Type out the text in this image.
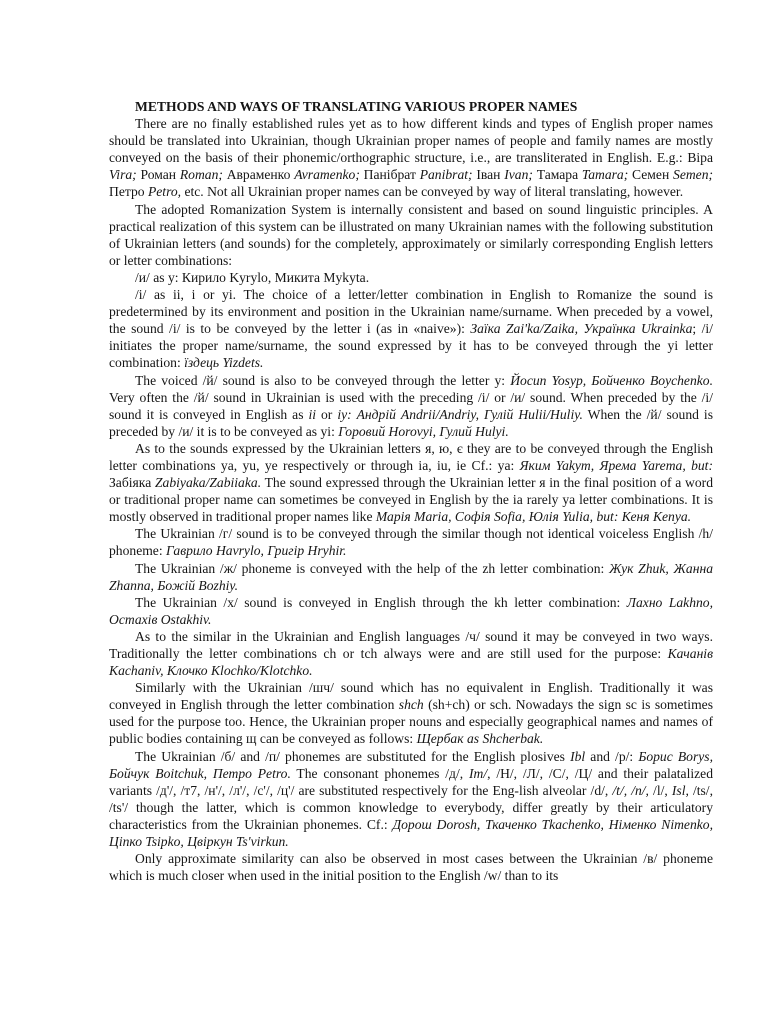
METHODS AND WAYS OF TRANSLATING VARIOUS PROPER NAMES

There are no finally established rules yet as to how different kinds and types of English proper names should be translated into Ukrainian, though Ukrainian proper names of people and family names are mostly conveyed on the basis of their phonemic/orthographic structure, i.e., are transliterated in English. E.g.: Віра Vira; Роман Roman; Авраменко Avramenko; Панібрат Panibrat; Іван Ivan; Тамара Tamara; Семен Semen; Петро Petro, etc. Not all Ukrainian proper names can be conveyed by way of literal translating, however.

The adopted Romanization System is internally consistent and based on sound linguistic principles. A practical realization of this system can be illustrated on many Ukrainian names with the following substitution of Ukrainian letters (and sounds) for the completely, approximately or similarly corresponding English letters or letter combinations:

/и/ as y: Кирило Kyrylo, Микита Mykyta.

/і/ as ii, i or yi. The choice of a letter/letter combination in English to Romanize the sound is predetermined by its environment and position in the Ukrainian name/surname. When preceded by a vowel, the sound /і/ is to be conveyed by the letter i (as in «naive»): Заїка Zai'ka/Zaika, Українка Ukrainka; /і/ initiates the proper name/surname, the sound expressed by it has to be conveyed through the yi letter combination: їздець Yizdets.

The voiced /й/ sound is also to be conveyed through the letter y: Йосип Yosyp, Бойченко Boychenko. Very often the /й/ sound in Ukrainian is used with the preceding /і/ or /и/ sound. When preceded by the /і/ sound it is conveyed in English as ii or iy: Андрій Andrii/Andriy, Гулій Hulii/Huliy. When the /й/ sound is preceded by /и/ it is to be conveyed as yi: Горовий Horovyi, Гулий Hulyi.

As to the sounds expressed by the Ukrainian letters я, ю, є they are to be conveyed through the English letter combinations ya, yu, ye respectively or through ia, iu, ie Cf.: ya: Яким Yakym, Ярема Yarema, but: Забіяка Zabiyaka/Zabiiaka. The sound expressed through the Ukrainian letter я in the final position of a word or traditional proper name can sometimes be conveyed in English by the ia rarely ya letter combinations. It is mostly observed in traditional proper names like Марія Maria, Софія Sofia, Юлія Yulia, but: Кеня Kenya.

The Ukrainian /г/ sound is to be conveyed through the similar though not identical voiceless English /h/ phoneme: Гаврило Havrylo, Григір Hryhir.

The Ukrainian /ж/ phoneme is conveyed with the help of the zh letter combination: Жук Zhuk, Жанна Zhanna, Божій Bozhiy.

The Ukrainian /х/ sound is conveyed in English through the kh letter combination: Лахно Lakhno, Остахів Ostakhiv.

As to the similar in the Ukrainian and English languages /ч/ sound it may be conveyed in two ways. Traditionally the letter combinations ch or tch always were and are still used for the purpose: Качанів Kachaniv, Клочко Klochko/Klotchko.

Similarly with the Ukrainian /шч/ sound which has no equivalent in English. Traditionally it was conveyed in English through the letter combination shch (sh+ch) or sch. Nowadays the sign sc is sometimes used for the purpose too. Hence, the Ukrainian proper nouns and especially geographical names and names of public bodies containing щ can be conveyed as follows: Щербак as Shcherbak.

The Ukrainian /б/ and /п/ phonemes are substituted for the English plosives Ibl and /p/: Борис Borys, Бойчук Boitchuk, Петро Petro. The consonant phonemes /д/, Im/, /Н/, /Л/, /С/, /Ц/ and their palatalized variants /д'/, /т7, /н'/, /л'/, /с'/, /ц'/ are substituted respectively for the Eng-lish alveolar /d/, /t/, /n/, /l/, Isl, /ts/, /ts'/ though the latter, which is common knowledge to everybody, differ greatly by their articulatory characteristics from the Ukrainian phonemes. Cf.: Дорош Dorosh, Ткаченко Tkachenko, Німенко Nimenko, Ціпко Tsipko, Цвіркун Ts'virkun.

Only approximate similarity can also be observed in most cases between the Ukrainian /в/ phoneme which is much closer when used in the initial position to the English /w/ than to its
